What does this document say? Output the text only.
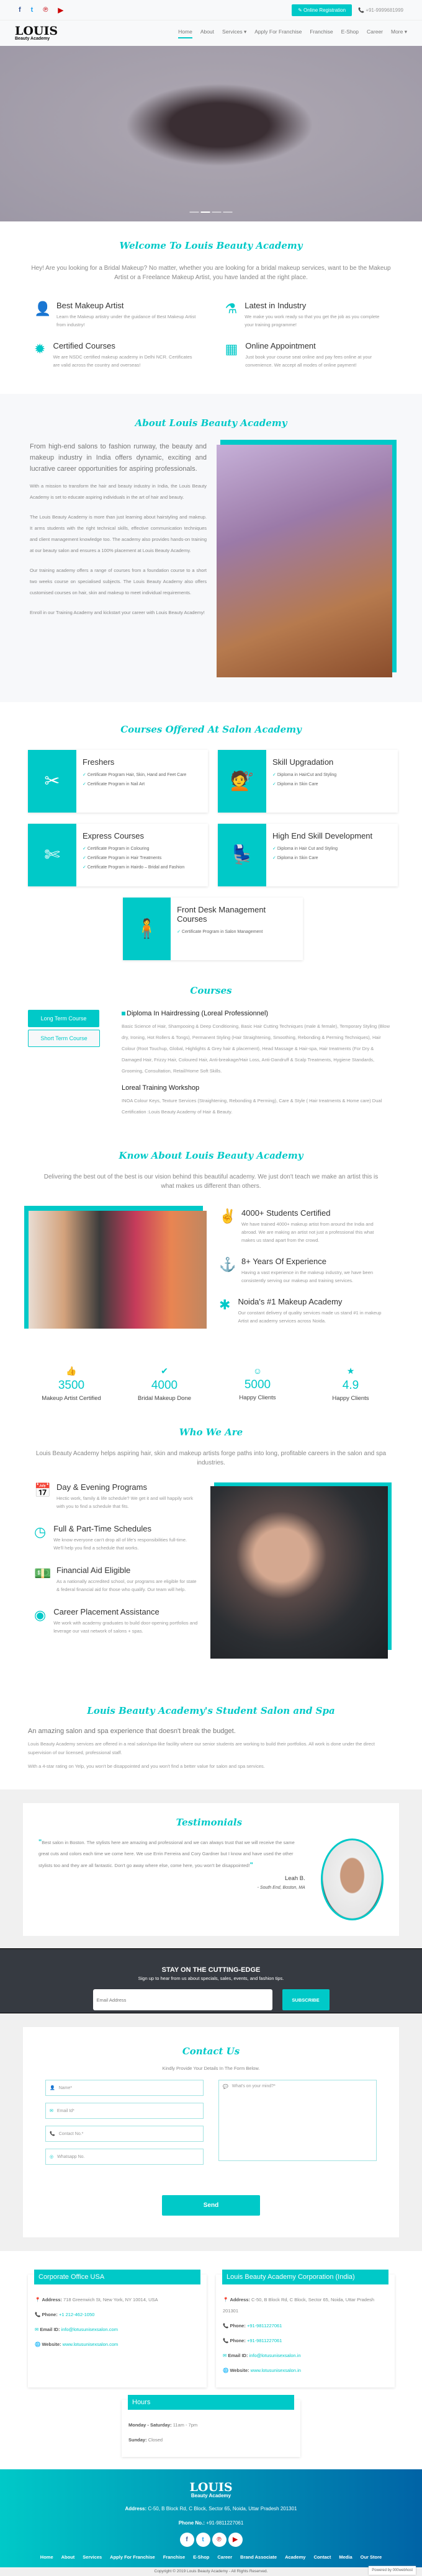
f t ℗ ▶	✎ Online Registration	📞 +91-9999681999
LOUIS
Beauty Academy
Home About Services ▾ Apply For Franchise Franchise E-Shop Career More ▾
Welcome To Louis Beauty Academy

Hey! Are you looking for a Bridal Makeup? No matter, whether you are looking for a bridal makeup services, want to be the Makeup Artist or a Freelance Makeup Artist, you have landed at the right place.

👤 Best Makeup Artist

Learn the Makeup artistry under the guidance of Best Makeup Artist from industry!

⚗ Latest in Industry

We make you work ready so that you get the job as you complete your training programme!

✹ Certified Courses

We are NSDC certified makeup academy in Delhi NCR. Certificates are valid across the country and overseas!

▦ Online Appointment

Just book your course seat online and pay fees online at your convenience. We accept all modes of online payment!

About Louis Beauty Academy

From high-end salons to fashion runway, the beauty and makeup industry in India offers dynamic, exciting and lucrative career opportunities for aspiring professionals.

With a mission to transform the hair and beauty industry in India, the Louis Beauty Academy is set to educate aspiring individuals in the art of hair and beauty.

The Louis Beauty Academy is more than just learning about hairstyling and makeup. It arms students with the right technical skills, effective communication techniques and client management knowledge too. The academy also provides hands-on training at our beauty salon and ensures a 100% placement at Louis Beauty Academy.

Our training academy offers a range of courses from a foundation course to a short two weeks course on specialised subjects. The Louis Beauty Academy also offers customised courses on hair, skin and makeup to meet individual requirements.

Enroll in our Training Academy and kickstart your career with Louis Beauty Academy!

Courses Offered At Salon Academy
✂
Freshers
✓ Certificate Program Hair, Skin, Hand and Feet Care
✓ Certificate Program in Nail Art	💇
Skill Upgradation
✓ Diploma in HairCut and Styling
✓ Diploma in Skin Care
✄
Express Courses
✓ Certificate Program in Colouring
✓ Certificate Program in Hair Treatments
✓ Certificate Program in Hairdo – Bridal and Fashion
💺
High End Skill Development
✓ Diploma in Hair Cut and Styling
✓ Diploma in Skin Care
🧍
Front Desk Management Courses
✓ Certificate Program in Salon Management
Courses
Long Term Course
Short Term Course
Diploma In Hairdressing (Loreal Professionnel)

Basic Science of Hair, Shampooing & Deep Conditioning, Basic Hair Cutting Techniques (male & female), Temporary Styling (Blow dry, Ironing, Hot Rollers & Tongs), Permanent Styling (Hair Straightening, Smoothing, Rebonding & Perming Techniques), Hair Colour (Root Touchup, Global, Highlights & Grey hair & placement), Head Massage & Hair-spa, Hair treatments (For Dry & Damaged Hair, Frizzy Hair, Coloured Hair, Anti-breakage/Hair Loss, Anti-Dandruff & Scalp Treatments, Hygiene Standards, Grooming, Consultation, Retail/Home Soft Skills.

Loreal Training Workshop

INOA Colour Keys, Texture Services (Straightening, Rebonding & Perming), Care & Style ( Hair treatments & Home care) Dual Certification :Louis Beauty Academy of Hair & Beauty.

Know About Louis Beauty Academy

Delivering the best out of the best is our vision behind this beautiful academy. We just don't teach we make an artist this is what makes us different than others.

✌ 4000+ Students Certified

We have trained 4000+ makeup artist from around the India and abroad. We are making an artist not just a professional this what makes us stand apart from the crowd.

⚓ 8+ Years Of Experience

Having a vast experience in the makeup industry, we have been consistently serving our makeup and training services.

✱ Noida's #1 Makeup Academy

Our constant delivery of quality services made us stand #1 in makeup Artist and academy services across Noida.

👍
3500
Makeup Artist Certified
✔
4000
Bridal Makeup Done
☺
5000
Happy Clients
★
4.9
Happy Clients
Who We Are

Louis Beauty Academy helps aspiring hair, skin and makeup artists forge paths into long, profitable careers in the salon and spa industries.

📅 Day & Evening Programs

Hectic work, family & life schedule? We get it and will happily work with you to find a schedule that fits.

◷ Full & Part-Time Schedules

We know everyone can't drop all of life's responsibilities full-time. We'll help you find a schedule that works.

💵 Financial Aid Eligible

As a nationally accredited school, our programs are eligible for state & federal financial aid for those who qualify. Our team will help.

◉ Career Placement Assistance

We work with academy graduates to build door-opening portfolios and leverage our vast network of salons + spas.

Louis Beauty Academy's Student Salon and Spa

An amazing salon and spa experience that doesn't break the budget.

Louis Beauty Academy services are offered in a real salon/spa-like facility where our senior students are working to build their portfolios. All work is done under the direct supervision of our licensed, professional staff.

With a 4-star rating on Yelp, you won't be disappointed and you won't find a better value for salon and spa services.

Testimonials

"Best salon in Boston. The stylists here are amazing and professional and we can always trust that we will receive the same great cuts and colors each time we come here. We use Errin Ferreira and Cory Gardner but I know and have used the other stylists too and they are all fantastic. Don't go away where else, come here, you won't be disappointed!"

Leah B.

- South End, Boston, MA

STAY ON THE CUTTING-EDGE

Sign up to hear from us about specials, sales, events, and fashion tips.

Email Address
SUBSCRIBE
Contact Us

Kindly Provide Your Details In The Form Below.

👤 Name*
✉ Email Id*
📞 Contact No.*
◎ Whatsapp No.
💬 What's on your mind?*
Send
Corporate Office USA

📍 Address: 718 Greenwich St, New York, NY 10014, USA

📞 Phone: +1 212-462-1050

✉ Email ID: info@lotusunisexsalon.com

🌐 Website: www.lotusunisexsalon.com

Louis Beauty Academy Corporation (India)

📍 Address: C-50, B Block Rd, C Block, Sector 65, Noida, Uttar Pradesh 201301

📞 Phone: +91-9811227061

📞 Phone: +91-9811227061

✉ Email ID: info@lotusunisexsalon.in

🌐 Website: www.lotusunisexsalon.in

Hours

Monday - Saturday: 11am - 7pm

Sunday: Closed

LOUIS
Beauty Academy

Address: C-50, B Block Rd, C Block, Sector 65, Noida, Uttar Pradesh 201301

Phone No.: +91-9811227061

f	t	℗	▶
Home About Services Apply For Franchise Franchise E-Shop Career Brand Associate Academy Contact Media Our Store
Copyright © 2019 Louis Beauty Academy - All Rights Reserved.	Powered by 000webhost
